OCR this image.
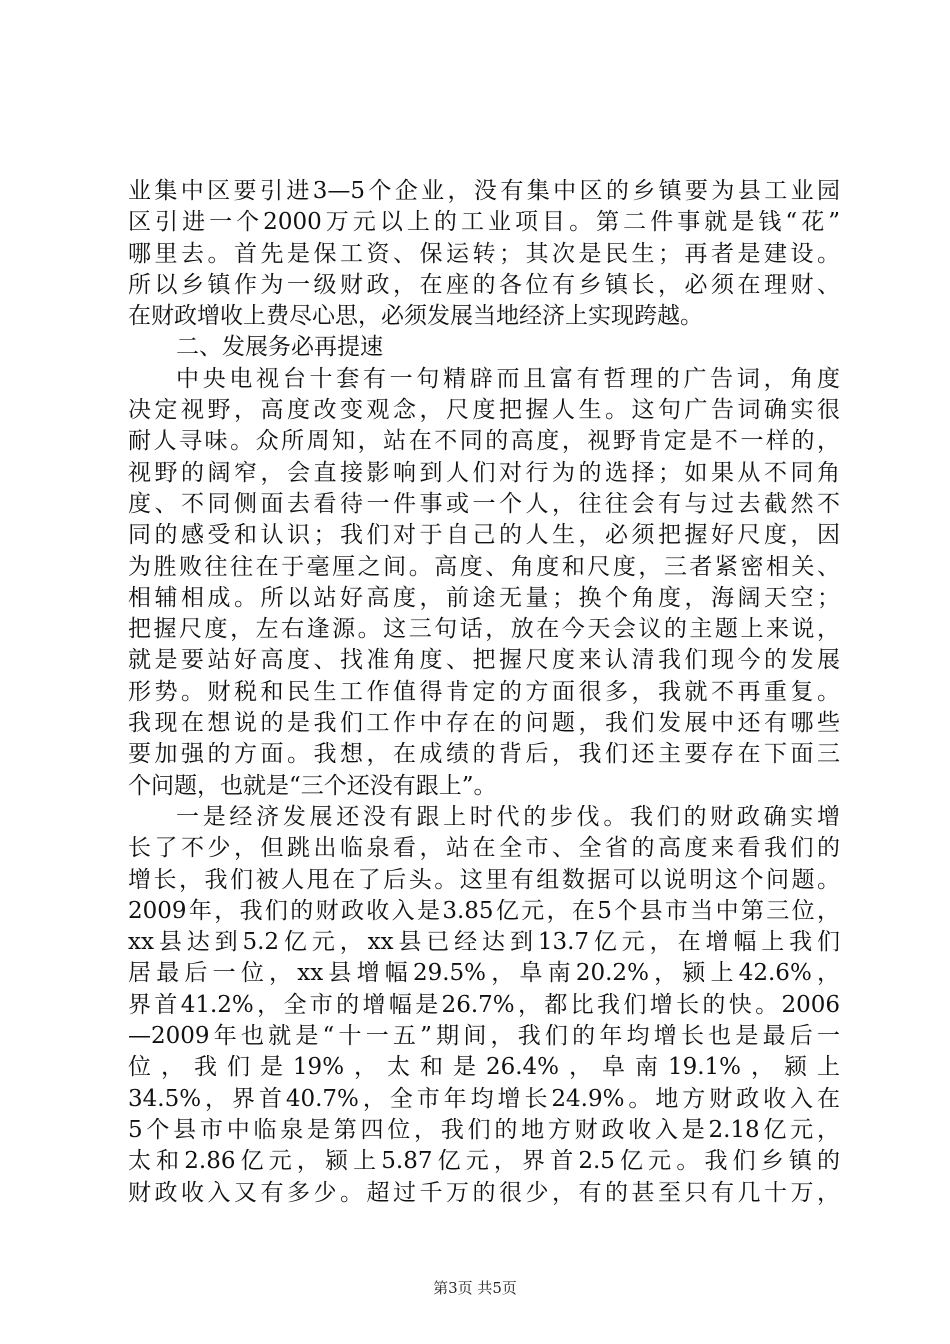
业集中区要引进3—5个企业，没有集中区的乡镇要为县工业园
区引进一个2000万元以上的工业项目。第二件事就是钱“花”
哪里去。首先是保工资、保运转；其次是民生；再者是建设。
所以乡镇作为一级财政，在座的各位有乡镇长，必须在理财、
在财政增收上费尽心思，必须发展当地经济上实现跨越。
二、发展务必再提速
中央电视台十套有一句精辟而且富有哲理的广告词，角度
决定视野，高度改变观念，尺度把握人生。这句广告词确实很
耐人寻味。众所周知，站在不同的高度，视野肯定是不一样的，
视野的阔窄，会直接影响到人们对行为的选择；如果从不同角
度、不同侧面去看待一件事或一个人，往往会有与过去截然不
同的感受和认识；我们对于自己的人生，必须把握好尺度，因
为胜败往往在于毫厘之间。高度、角度和尺度，三者紧密相关、
相辅相成。所以站好高度，前途无量；换个角度，海阔天空；
把握尺度，左右逢源。这三句话，放在今天会议的主题上来说，
就是要站好高度、找准角度、把握尺度来认清我们现今的发展
形势。财税和民生工作值得肯定的方面很多，我就不再重复。
我现在想说的是我们工作中存在的问题，我们发展中还有哪些
要加强的方面。我想，在成绩的背后，我们还主要存在下面三
个问题，也就是“三个还没有跟上”。
一是经济发展还没有跟上时代的步伐。我们的财政确实增
长了不少，但跳出临泉看，站在全市、全省的高度来看我们的
增长，我们被人甩在了后头。这里有组数据可以说明这个问题。
2009年，我们的财政收入是3.85亿元，在5个县市当中第三位，
xx县达到5.2亿元，xx县已经达到13.7亿元，在增幅上我们
居最后一位，xx县增幅29.5%，阜南20.2%，颍上42.6%，
界首41.2%，全市的增幅是26.7%，都比我们增长的快。2006
—2009年也就是“十一五”期间，我们的年均增长也是最后一
位，我们是19%，太和是26.4%，阜南19.1%，颍上
34.5%，界首40.7%，全市年均增长24.9%。地方财政收入在
5个县市中临泉是第四位，我们的地方财政收入是2.18亿元，
太和2.86亿元，颍上5.87亿元，界首2.5亿元。我们乡镇的
财政收入又有多少。超过千万的很少，有的甚至只有几十万，
第3页 共5页
